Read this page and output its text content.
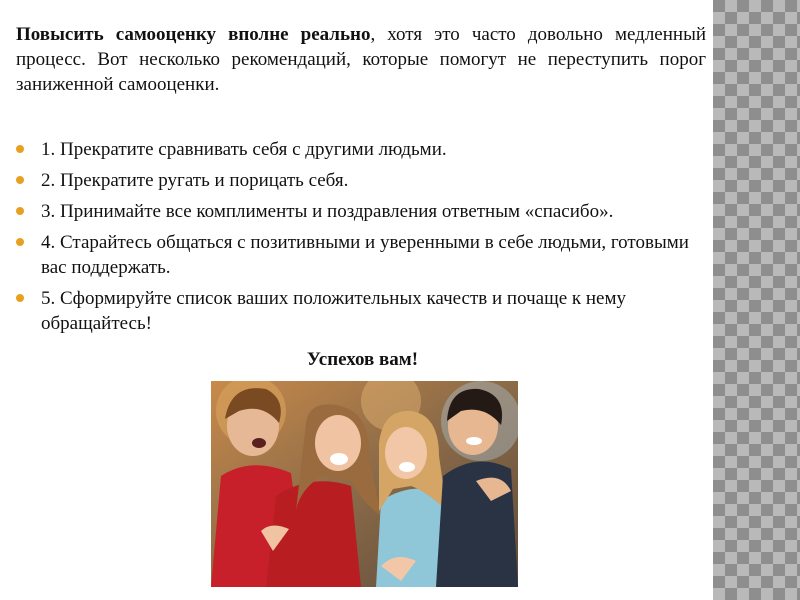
Повысить самооценку вполне реально, хотя это часто довольно медленный процесс. Вот несколько рекомендаций, которые помогут не переступить порог заниженной самооценки.

1. Прекратите сравнивать себя с другими людьми.
2. Прекратите ругать и порицать себя.
3. Принимайте все комплименты и поздравления ответным «спасибо».
4. Старайтесь общаться с позитивными и уверенными в себе людьми, готовыми вас поддержать.
5. Сформируйте список ваших положительных качеств и почаще к нему обращайтесь!

Успехов вам!
